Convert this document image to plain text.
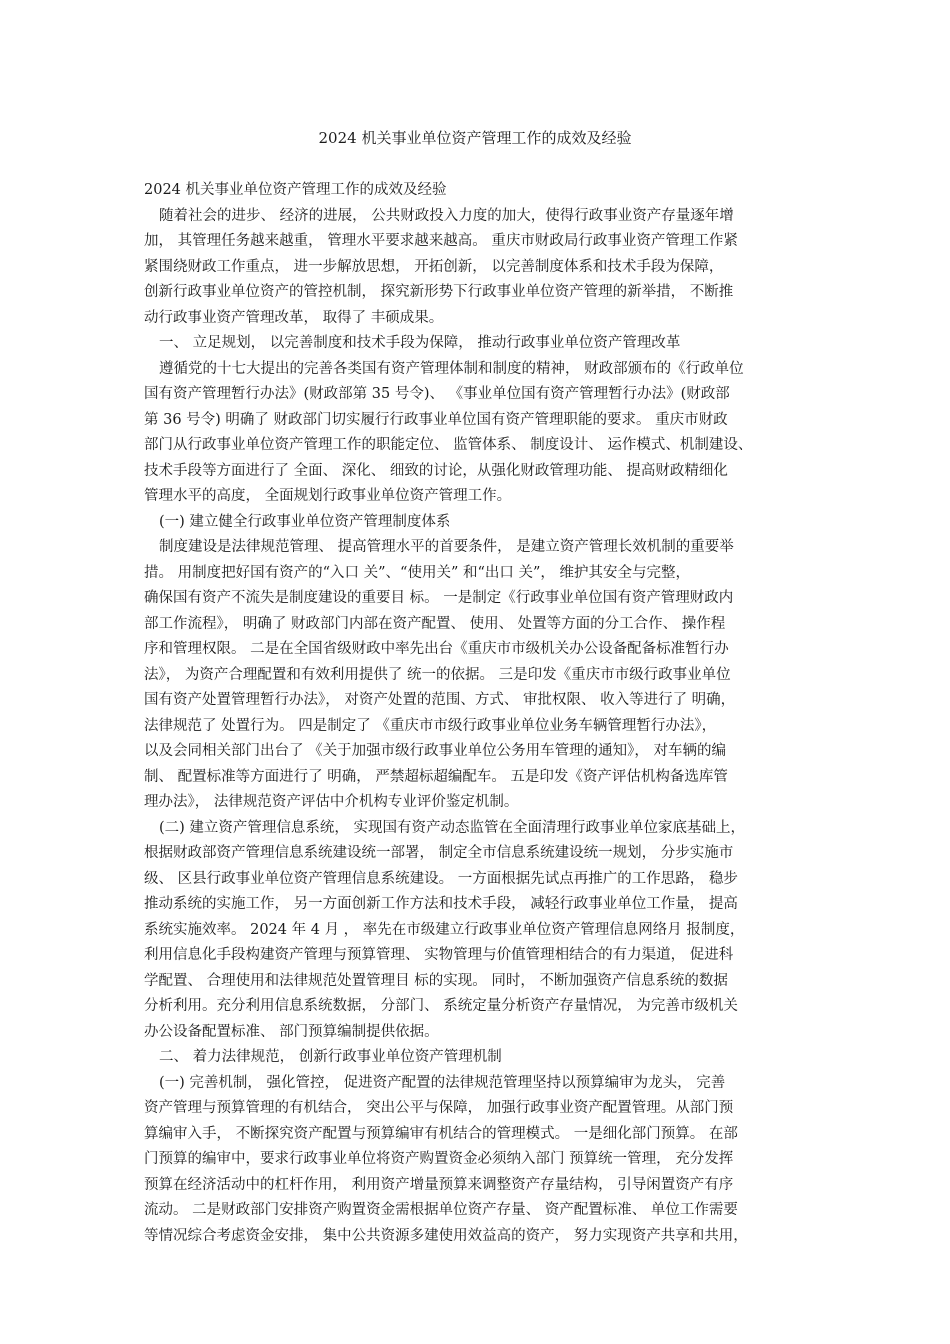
2024 机关事业单位资产管理工作的成效及经验
2024 机关事业单位资产管理工作的成效及经验
随着社会的进步、 经济的进展， 公共财政投入力度的加大，使得行政事业资产存量逐年增
加， 其管理任务越来越重， 管理水平要求越来越高。 重庆市财政局行政事业资产管理工作紧
紧围绕财政工作重点， 进一步解放思想， 开拓创新， 以完善制度体系和技术手段为保障，
创新行政事业单位资产的管控机制， 探究新形势下行政事业单位资产管理的新举措， 不断推
动行政事业资产管理改革， 取得了 丰硕成果。
一、 立足规划， 以完善制度和技术手段为保障， 推动行政事业单位资产管理改革
遵循党的十七大提出的完善各类国有资产管理体制和制度的精神， 财政部颁布的《行政单位
国有资产管理暂行办法》(财政部第 35 号令)、 《事业单位国有资产管理暂行办法》(财政部
第 36 号令) 明确了 财政部门切实履行行政事业单位国有资产管理职能的要求。 重庆市财政
部门从行政事业单位资产管理工作的职能定位、 监管体系、 制度设计、 运作模式、机制建设、
技术手段等方面进行了 全面、 深化、 细致的讨论，从强化财政管理功能、 提高财政精细化
管理水平的高度， 全面规划行政事业单位资产管理工作。
(一) 建立健全行政事业单位资产管理制度体系
制度建设是法律规范管理、 提高管理水平的首要条件， 是建立资产管理长效机制的重要举
措。 用制度把好国有资产的“入口 关”、“使用关” 和“出口 关”， 维护其安全与完整，
确保国有资产不流失是制度建设的重要目 标。 一是制定《行政事业单位国有资产管理财政内
部工作流程》， 明确了 财政部门内部在资产配置、 使用、 处置等方面的分工合作、 操作程
序和管理权限。 二是在全国省级财政中率先出台《重庆市市级机关办公设备配备标准暂行办
法》， 为资产合理配置和有效利用提供了 统一的依据。 三是印发《重庆市市级行政事业单位
国有资产处置管理暂行办法》， 对资产处置的范围、方式、 审批权限、 收入等进行了 明确，
法律规范了 处置行为。 四是制定了 《重庆市市级行政事业单位业务车辆管理暂行办法》，
以及会同相关部门出台了 《关于加强市级行政事业单位公务用车管理的通知》， 对车辆的编
制、 配置标准等方面进行了 明确， 严禁超标超编配车。 五是印发《资产评估机构备选库管
理办法》， 法律规范资产评估中介机构专业评价鉴定机制。
(二) 建立资产管理信息系统， 实现国有资产动态监管在全面清理行政事业单位家底基础上，
根据财政部资产管理信息系统建设统一部署， 制定全市信息系统建设统一规划， 分步实施市
级、 区县行政事业单位资产管理信息系统建设。 一方面根据先试点再推广的工作思路， 稳步
推动系统的实施工作， 另一方面创新工作方法和技术手段， 减轻行政事业单位工作量， 提高
系统实施效率。 2024 年 4 月 ， 率先在市级建立行政事业单位资产管理信息网络月 报制度，
利用信息化手段构建资产管理与预算管理、 实物管理与价值管理相结合的有力渠道， 促进科
学配置、 合理使用和法律规范处置管理目 标的实现。 同时， 不断加强资产信息系统的数据
分析利用。充分利用信息系统数据， 分部门、 系统定量分析资产存量情况， 为完善市级机关
办公设备配置标准、 部门预算编制提供依据。
二、 着力法律规范， 创新行政事业单位资产管理机制
(一) 完善机制， 强化管控， 促进资产配置的法律规范管理坚持以预算编审为龙头， 完善
资产管理与预算管理的有机结合， 突出公平与保障， 加强行政事业资产配置管理。从部门预
算编审入手， 不断探究资产配置与预算编审有机结合的管理模式。 一是细化部门预算。 在部
门预算的编审中，要求行政事业单位将资产购置资金必须纳入部门 预算统一管理， 充分发挥
预算在经济活动中的杠杆作用， 利用资产增量预算来调整资产存量结构， 引导闲置资产有序
流动。 二是财政部门安排资产购置资金需根据单位资产存量、 资产配置标准、 单位工作需要
等情况综合考虑资金安排， 集中公共资源多建使用效益高的资产， 努力实现资产共享和共用，
